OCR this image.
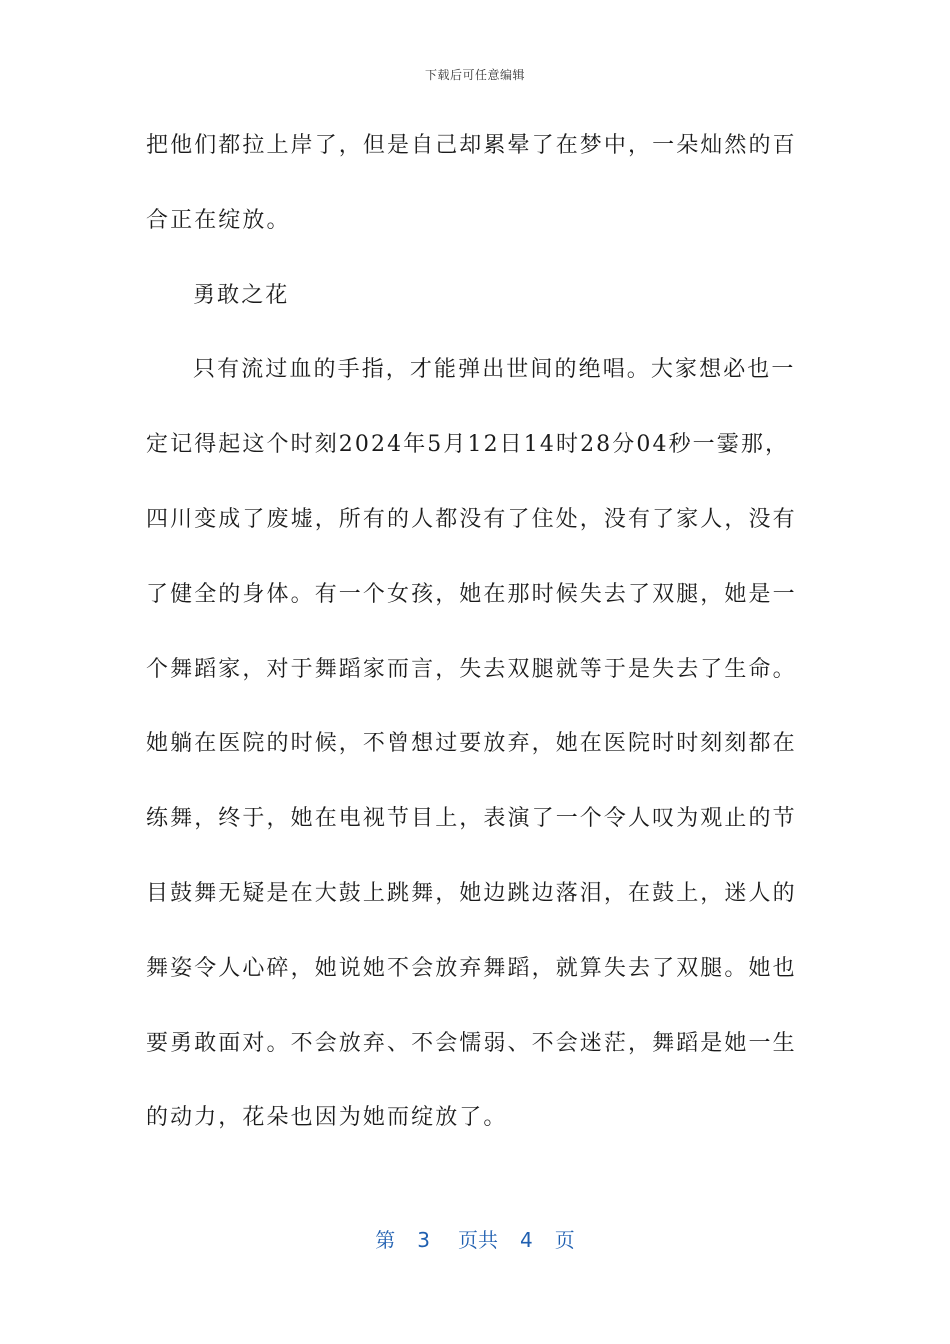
下载后可任意编辑
把他们都拉上岸了，但是自己却累晕了在梦中，一朵灿然的百
合正在绽放。
勇敢之花
只有流过血的手指，才能弹出世间的绝唱。大家想必也一
定记得起这个时刻2024年5月12日14时28分04秒一霎那，
四川变成了废墟，所有的人都没有了住处，没有了家人，没有
了健全的身体。有一个女孩，她在那时候失去了双腿，她是一
个舞蹈家，对于舞蹈家而言，失去双腿就等于是失去了生命。
她躺在医院的时候，不曾想过要放弃，她在医院时时刻刻都在
练舞，终于，她在电视节目上，表演了一个令人叹为观止的节
目鼓舞无疑是在大鼓上跳舞，她边跳边落泪，在鼓上，迷人的
舞姿令人心碎，她说她不会放弃舞蹈，就算失去了双腿。她也
要勇敢面对。不会放弃、不会懦弱、不会迷茫，舞蹈是她一生
的动力，花朵也因为她而绽放了。
第 3 页共 4 页
